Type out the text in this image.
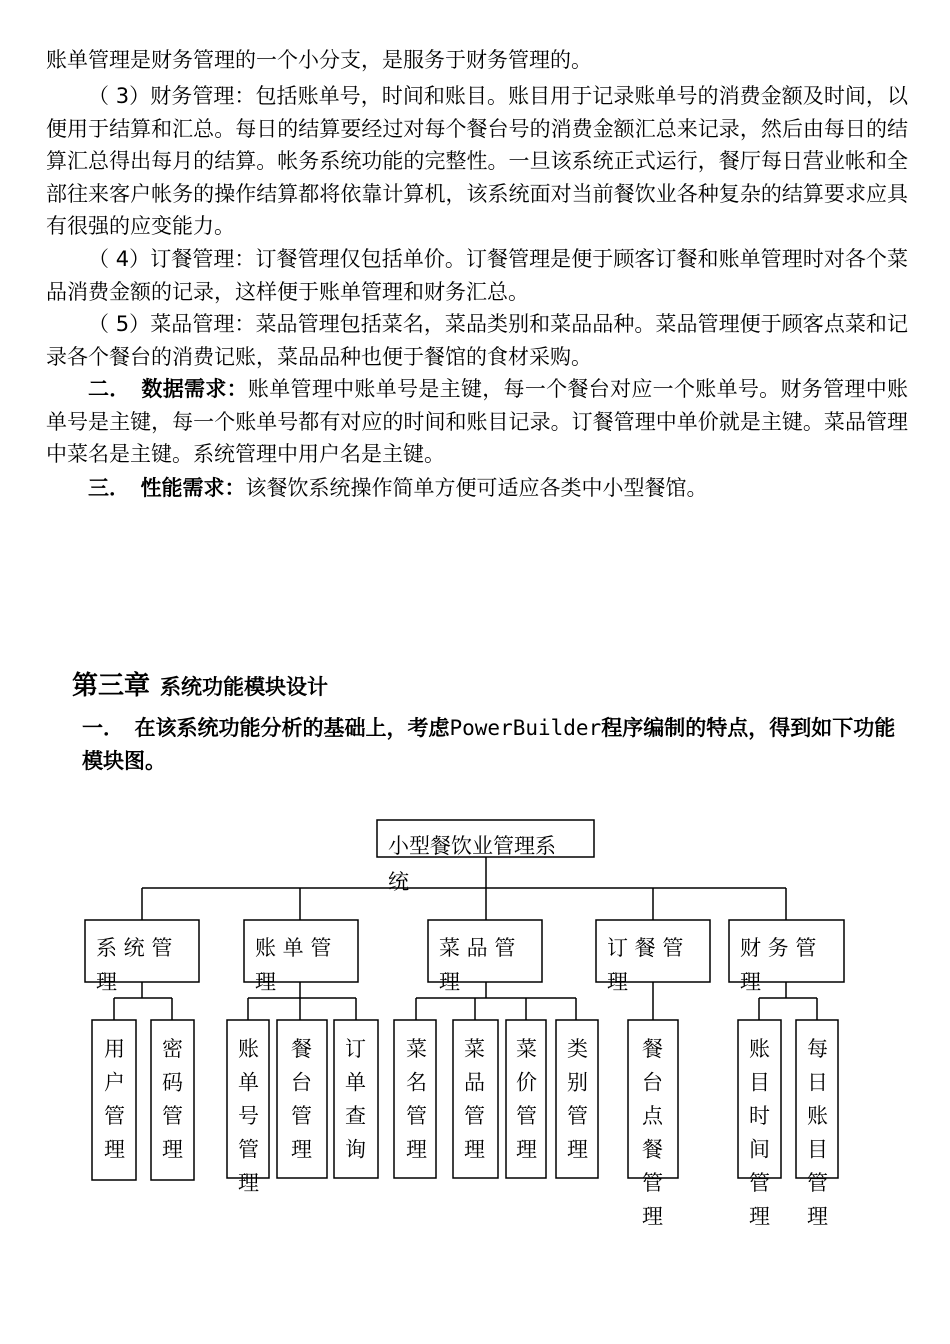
账单管理是财务管理的一个小分支，是服务于财务管理的。

（ 3）财务管理：包括账单号，时间和账目。账目用于记录账单号的消费金额及时间，以便用于结算和汇总。每日的结算要经过对每个餐台号的消费金额汇总来记录，然后由每日的结算汇总得出每月的结算。帐务系统功能的完整性。一旦该系统正式运行，餐厅每日营业帐和全部往来客户帐务的操作结算都将依靠计算机，该系统面对当前餐饮业各种复杂的结算要求应具有很强的应变能力。

（ 4）订餐管理：订餐管理仅包括单价。订餐管理是便于顾客订餐和账单管理时对各个菜品消费金额的记录，这样便于账单管理和财务汇总。

（ 5）菜品管理：菜品管理包括菜名，菜品类别和菜品品种。菜品管理便于顾客点菜和记录各个餐台的消费记账，菜品品种也便于餐馆的食材采购。

二．　数据需求：账单管理中账单号是主键，每一个餐台对应一个账单号。财务管理中账单号是主键，每一个账单号都有对应的时间和账目记录。订餐管理中单价就是主键。菜品管理中菜名是主键。系统管理中用户名是主键。

三．　性能需求：该餐饮系统操作简单方便可适应各类中小型餐馆。

第三章 系统功能模块设计

一．　在该系统功能分析的基础上，考虑PowerBuilder程序编制的特点，得到如下功能模块图。

小型餐饮业管理系
统
系 统 管
理
账 单 管
理
菜 品 管
理
订 餐 管
理
财 务 管
理
用户管理
密码管理
账单号管理
餐台管理
订单查询
菜名管理
菜品管理
菜价管理
类别管理
餐台点餐管理
账目时间管理
每日账目管理
